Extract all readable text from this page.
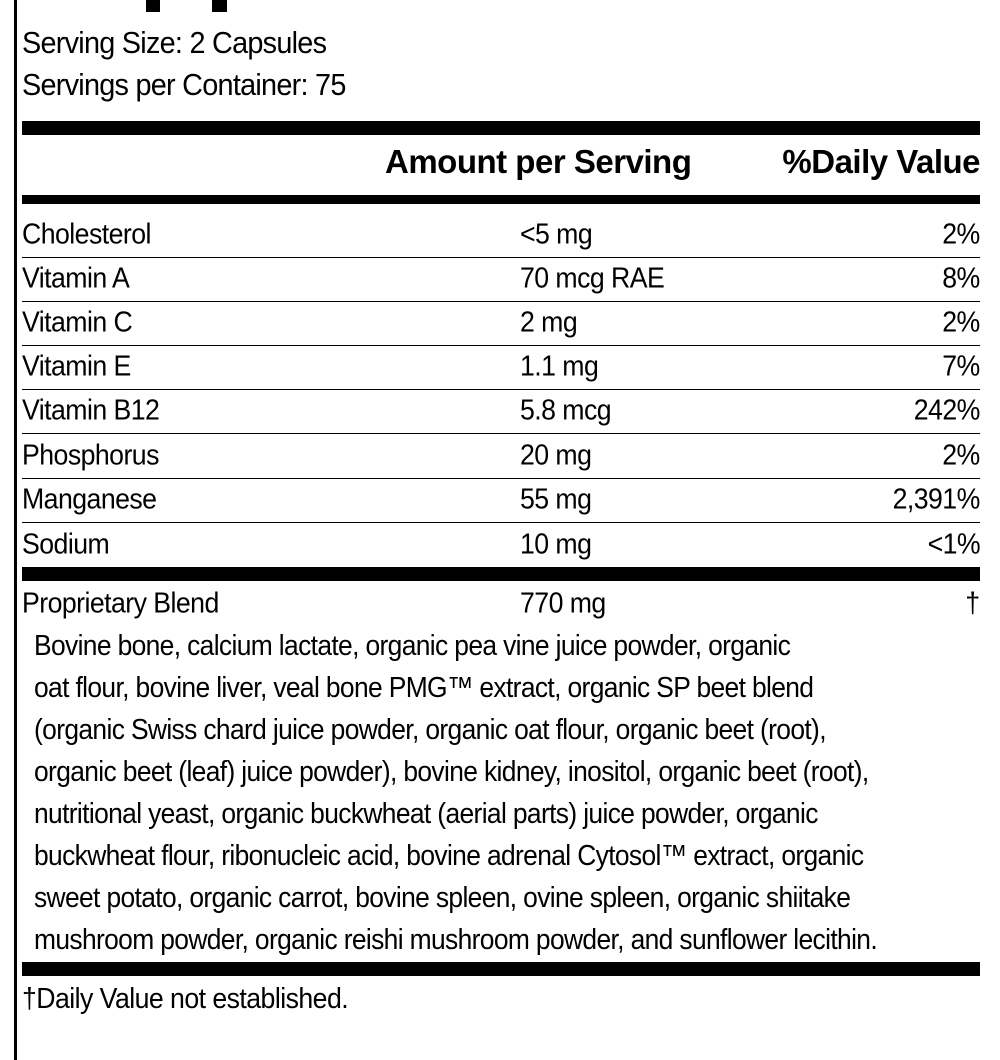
Serving Size: 2 Capsules
Servings per Container: 75
Amount per Serving	%Daily Value
Cholesterol	<5 mg	2%
Vitamin A	70 mcg RAE	8%
Vitamin C	2 mg	2%
Vitamin E	1.1 mg	7%
Vitamin B12	5.8 mcg	242%
Phosphorus	20 mg	2%
Manganese	55 mg	2,391%
Sodium	10 mg	<1%
Proprietary Blend	770 mg	†
Bovine bone, calcium lactate, organic pea vine juice powder, organic
oat flour, bovine liver, veal bone PMG™ extract, organic SP beet blend
(organic Swiss chard juice powder, organic oat flour, organic beet (root),
organic beet (leaf) juice powder), bovine kidney, inositol, organic beet (root),
nutritional yeast, organic buckwheat (aerial parts) juice powder, organic
buckwheat flour, ribonucleic acid, bovine adrenal Cytosol™ extract, organic
sweet potato, organic carrot, bovine spleen, ovine spleen, organic shiitake
mushroom powder, organic reishi mushroom powder, and sunflower lecithin.
†Daily Value not established.
